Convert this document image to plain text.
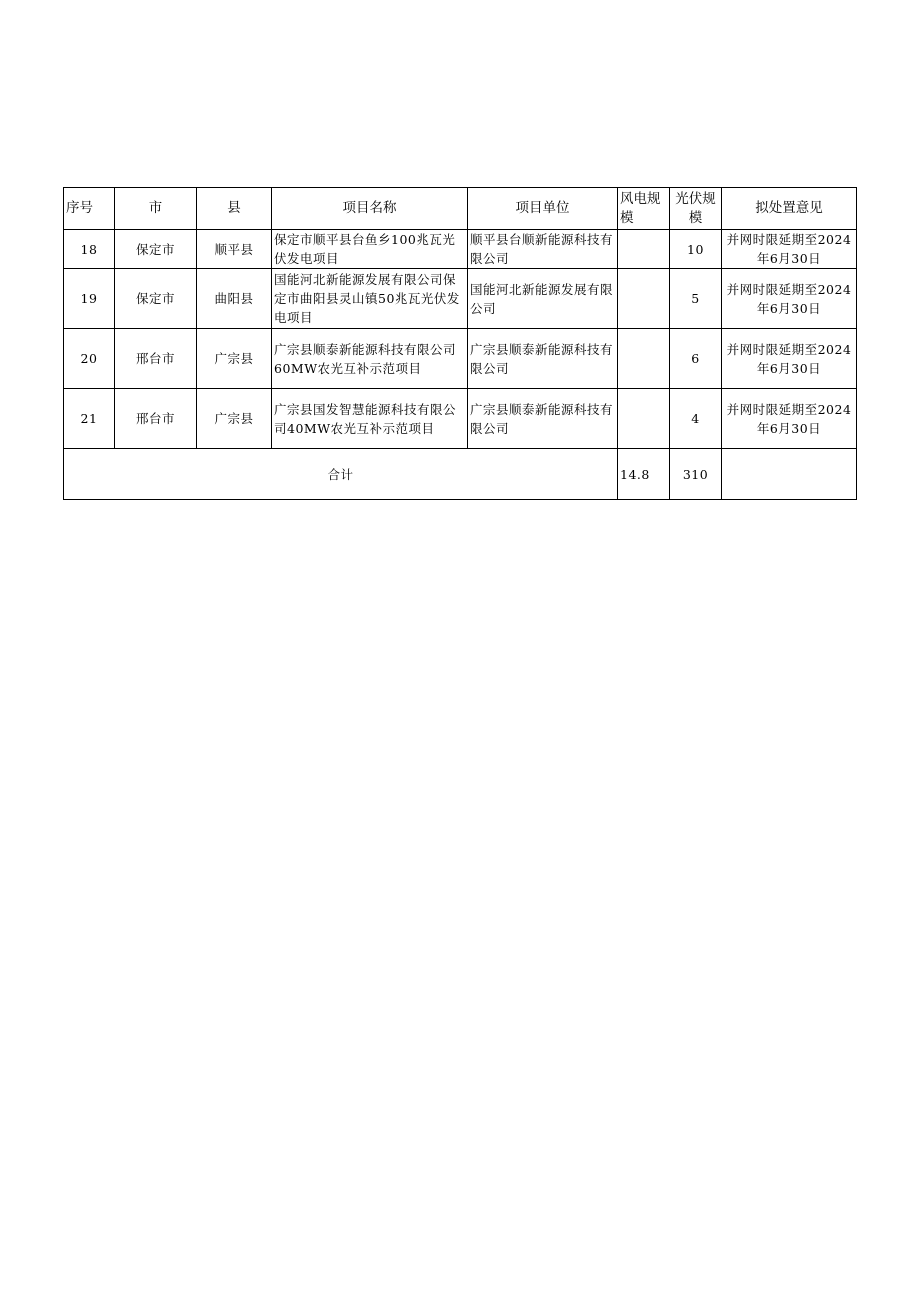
序号	市	县	项目名称	项目单位	风电规模	光伏规模	拟处置意见
18	保定市	顺平县	保定市顺平县台鱼乡100兆瓦光伏发电项目	顺平县台顺新能源科技有限公司		10	并网时限延期至2024年6月30日
19	保定市	曲阳县	国能河北新能源发展有限公司保定市曲阳县灵山镇50兆瓦光伏发电项目	国能河北新能源发展有限公司		5	并网时限延期至2024年6月30日
20	邢台市	广宗县	广宗县顺泰新能源科技有限公司60MW农光互补示范项目	广宗县顺泰新能源科技有限公司		6	并网时限延期至2024年6月30日
21	邢台市	广宗县	广宗县国发智慧能源科技有限公司40MW农光互补示范项目	广宗县顺泰新能源科技有限公司		4	并网时限延期至2024年6月30日
合计					14.8	310	
